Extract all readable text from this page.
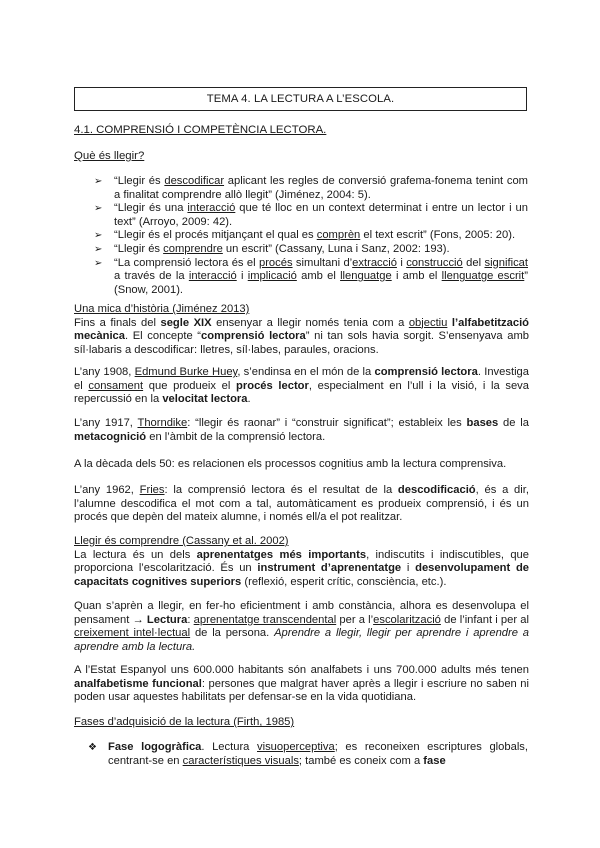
TEMA 4. LA LECTURA A L’ESCOLA.
4.1. COMPRENSIÓ I COMPETÈNCIA LECTORA.
Què és llegir?
➢ “Llegir és descodificar aplicant les regles de conversió grafema-fonema tenint com a finalitat comprendre allò llegit” (Jiménez, 2004: 5).
➢ “Llegir és una interacció que té lloc en un context determinat i entre un lector i un text” (Arroyo, 2009: 42).
➢ “Llegir és el procés mitjançant el qual es comprèn el text escrit” (Fons, 2005: 20).
➢ “Llegir és comprendre un escrit” (Cassany, Luna i Sanz, 2002: 193).
➢ “La comprensió lectora és el procés simultani d’extracció i construcció del significat a través de la interacció i implicació amb el llenguatge i amb el llenguatge escrit” (Snow, 2001).
Una mica d’història (Jiménez 2013)

Fins a finals del segle XIX ensenyar a llegir només tenia com a objectiu l’alfabetització mecànica. El concepte “comprensió lectora” ni tan sols havia sorgit. S’ensenyava amb síl·labaris a descodificar: lletres, síl·labes, paraules, oracions.

L’any 1908, Edmund Burke Huey, s’endinsa en el món de la comprensió lectora. Investiga el consament que produeix el procés lector, especialment en l’ull i la visió, i la seva repercussió en la velocitat lectora.

L’any 1917, Thorndike: “llegir és raonar” i “construir significat”; estableix les bases de la metacognició en l’àmbit de la comprensió lectora.

A la dècada dels 50: es relacionen els processos cognitius amb la lectura comprensiva.

L’any 1962, Fries: la comprensió lectora és el resultat de la descodificació, és a dir, l’alumne descodifica el mot com a tal, automàticament es produeix comprensió, i és un procés que depèn del mateix alumne, i només ell/a el pot realitzar.

Llegir és comprendre (Cassany et al. 2002)

La lectura és un dels aprenentatges més importants, indiscutits i indiscutibles, que proporciona l’escolarització. És un instrument d’aprenentatge i desenvolupament de capacitats cognitives superiors (reflexió, esperit crític, consciència, etc.).

Quan s’aprèn a llegir, en fer-ho eficientment i amb constància, alhora es desenvolupa el pensament → Lectura: aprenentatge transcendental per a l’escolarització de l’infant i per al creixement intel·lectual de la persona. Aprendre a llegir, llegir per aprendre i aprendre a aprendre amb la lectura.

A l’Estat Espanyol uns 600.000 habitants són analfabets i uns 700.000 adults més tenen analfabetisme funcional: persones que malgrat haver après a llegir i escriure no saben ni poden usar aquestes habilitats per defensar-se en la vida quotidiana.

Fases d’adquisició de la lectura (Firth, 1985)
❖ Fase logogràfica. Lectura visuoperceptiva; es reconeixen escriptures globals, centrant-se en característiques visuals; també es coneix com a fase
